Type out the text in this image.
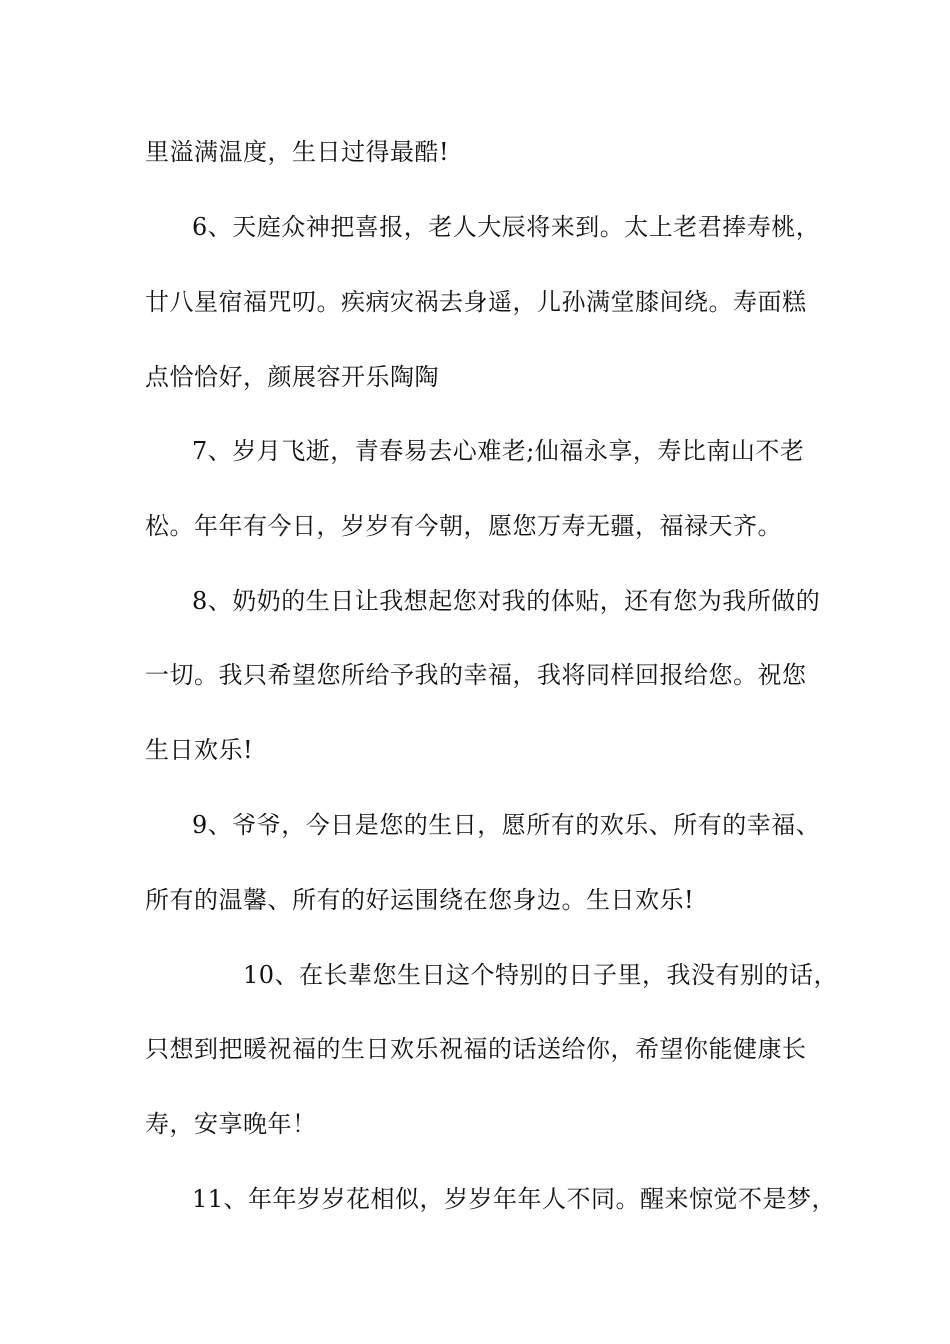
里溢满温度，生日过得最酷!
6、天庭众神把喜报，老人大辰将来到。太上老君捧寿桃，
廿八星宿福咒叨。疾病灾祸去身遥，儿孙满堂膝间绕。寿面糕
点恰恰好，颜展容开乐陶陶
7、岁月飞逝，青春易去心难老;仙福永享，寿比南山不老
松。年年有今日，岁岁有今朝，愿您万寿无疆，福禄天齐。
8、奶奶的生日让我想起您对我的体贴，还有您为我所做的
一切。我只希望您所给予我的幸福，我将同样回报给您。祝您
生日欢乐!
9、爷爷，今日是您的生日，愿所有的欢乐、所有的幸福、
所有的温馨、所有的好运围绕在您身边。生日欢乐!
10、在长辈您生日这个特别的日子里，我没有别的话，
只想到把暖祝福的生日欢乐祝福的话送给你，希望你能健康长
寿，安享晚年！
11、年年岁岁花相似，岁岁年年人不同。醒来惊觉不是梦，
